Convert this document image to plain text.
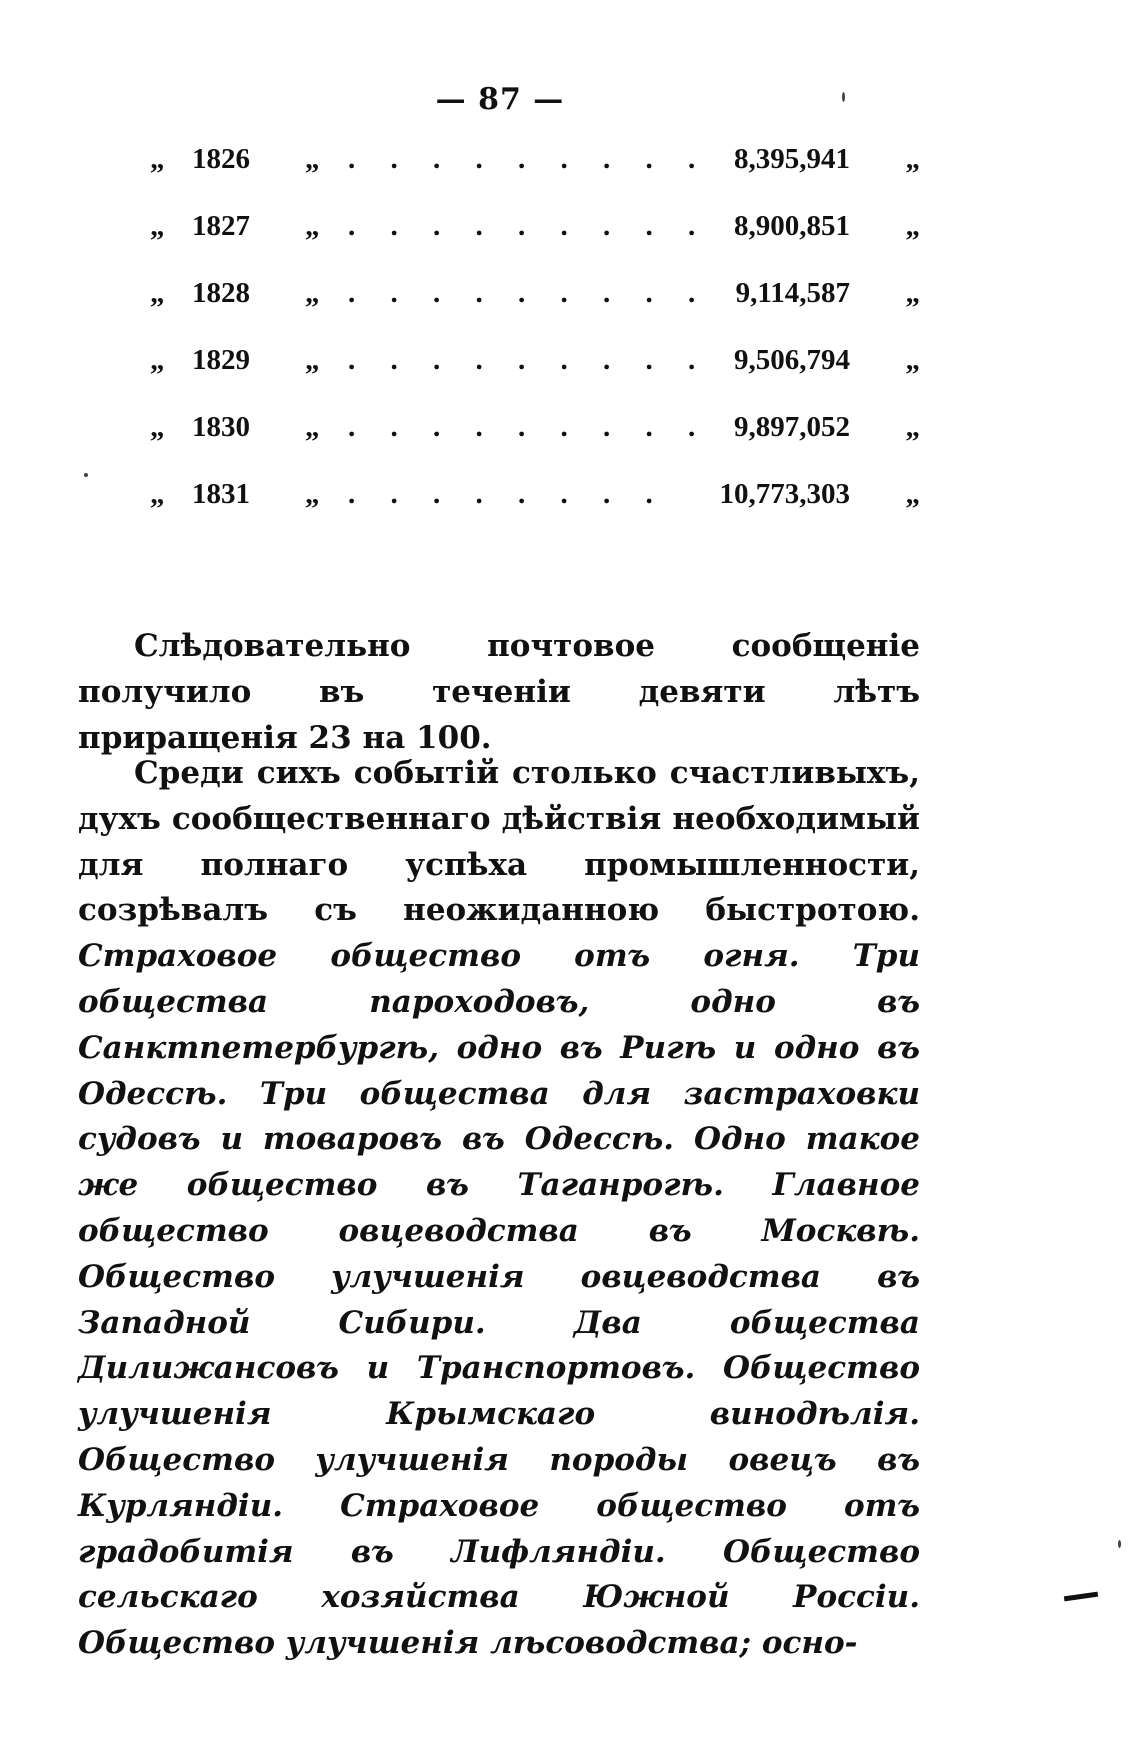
— 87 —
„ 1826 „ . . . . . . . . . 8,395,941 „
„ 1827 „ . . . . . . . . . 8,900,851 „
„ 1828 „ . . . . . . . . . 9,114,587 „
„ 1829 „ . . . . . . . . . 9,506,794 „
„ 1830 „ . . . . . . . . . 9,897,052 „
„ 1831 „ . . . . . . . . 10,773,303 „

Слѣдовательно почтовое сообщеніе получило въ теченіи девяти лѣтъ приращенія 23 на 100.

Среди сихъ событій столько счастливыхъ, духъ сообщественнаго дѣйствія необходимый для полнаго успѣха промышленности, созрѣвалъ съ неожиданною быстротою. Страховое общество отъ огня. Три общества пароходовъ, одно въ Санктпетербургѣ, одно въ Ригѣ и одно въ Одессѣ. Три общества для застраховки судовъ и товаровъ въ Одессѣ. Одно такое же общество въ Таганрогѣ. Главное общество овцеводства въ Москвѣ. Общество улучшенія овцеводства въ Западной Сибири. Два общества Дилижансовъ и Транспортовъ. Общество улучшенія Крымскаго винодѣлія. Общество улучшенія породы овецъ въ Курляндіи. Страховое общество отъ градобитія въ Лифляндіи. Общество сельскаго хозяйства Южной Россіи. Общество улучшенія лѣсоводства; осно-
